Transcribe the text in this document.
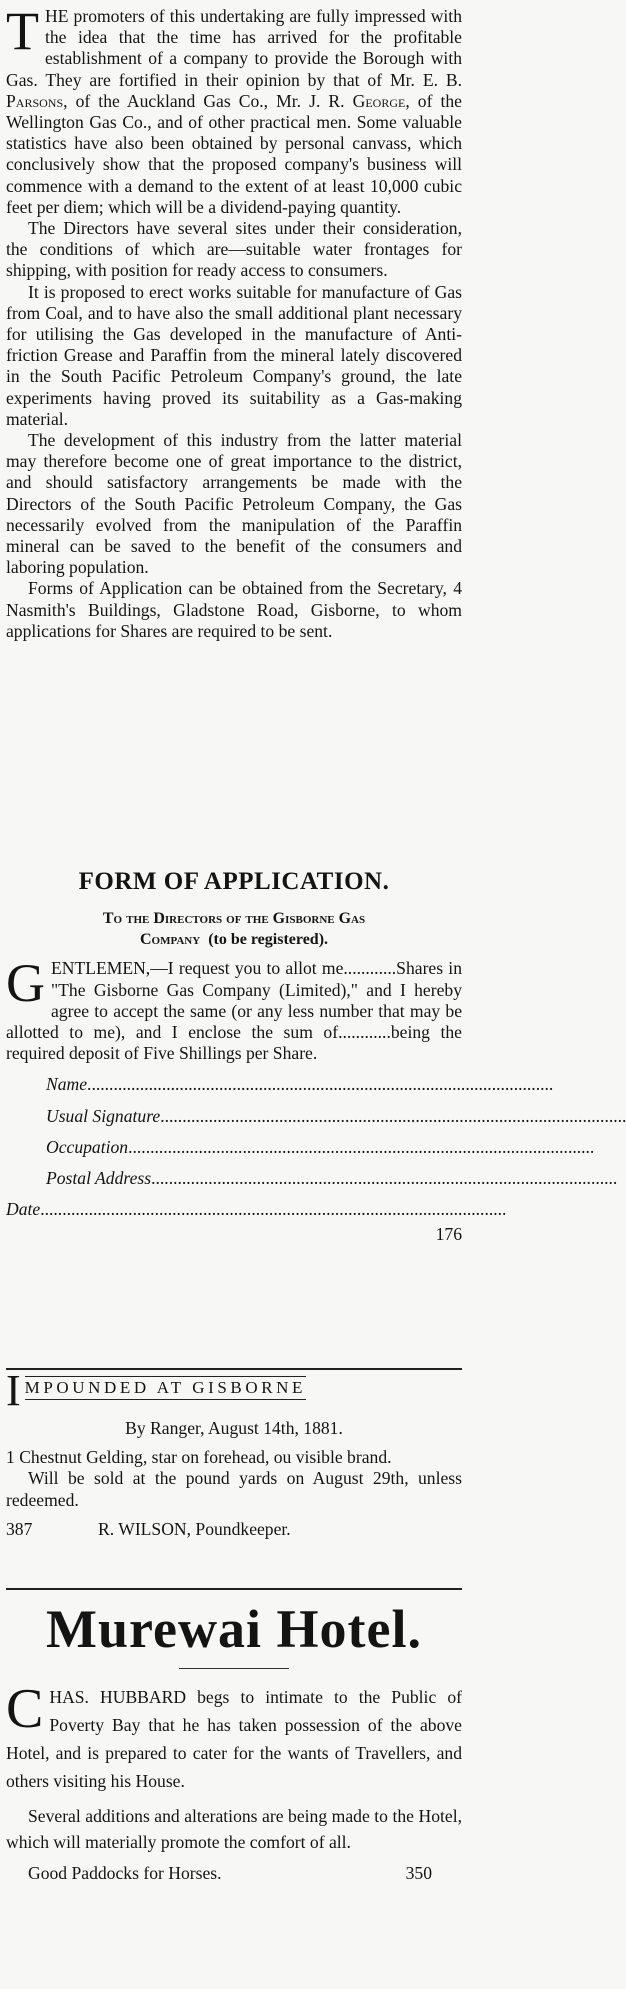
THE promoters of this undertaking are fully impressed with the idea that the time has arrived for the profitable establishment of a company to provide the Borough with Gas. They are fortified in their opinion by that of Mr. E. B. Parsons, of the Auckland Gas Co., Mr. J. R. George, of the Wellington Gas Co., and of other practical men. Some valuable statistics have also been obtained by personal canvass, which conclusively show that the proposed company's business will commence with a demand to the extent of at least 10,000 cubic feet per diem; which will be a dividend-paying quantity.

The Directors have several sites under their consideration, the conditions of which are—suitable water frontages for shipping, with position for ready access to consumers.

It is proposed to erect works suitable for manufacture of Gas from Coal, and to have also the small additional plant necessary for utilising the Gas developed in the manufacture of Anti-friction Grease and Paraffin from the mineral lately discovered in the South Pacific Petroleum Company's ground, the late experiments having proved its suitability as a Gas-making material.

The development of this industry from the latter material may therefore become one of great importance to the district, and should satisfactory arrangements be made with the Directors of the South Pacific Petroleum Company, the Gas necessarily evolved from the manipulation of the Paraffin mineral can be saved to the benefit of the consumers and laboring population.

Forms of Application can be obtained from the Secretary, 4 Nasmith's Buildings, Gladstone Road, Gisborne, to whom applications for Shares are required to be sent.

FORM OF APPLICATION.

To the Directors of the Gisborne Gas

Company (to be registered).

GENTLEMEN,—I request you to allot me............Shares in "The Gisborne Gas Company (Limited)," and I hereby agree to accept the same (or any less number that may be allotted to me), and I enclose the sum of............being the required deposit of Five Shillings per Share.

Name ..........................................................................................................
Usual Signature ..........................................................................................................
Occupation ..........................................................................................................
Postal Address ..........................................................................................................
Date ..........................................................................................................

176

I MPOUNDED AT GISBORNE

By Ranger, August 14th, 1881.

1 Chestnut Gelding, star on forehead, ou visible brand.

Will be sold at the pound yards on August 29th, unless redeemed.

387	R. WILSON, Poundkeeper.
Murewai Hotel.

CHAS. HUBBARD begs to intimate to the Public of Poverty Bay that he has taken possession of the above Hotel, and is prepared to cater for the wants of Travellers, and others visiting his House.

Several additions and alterations are being made to the Hotel, which will materially promote the comfort of all.

Good Paddocks for Horses.	350
